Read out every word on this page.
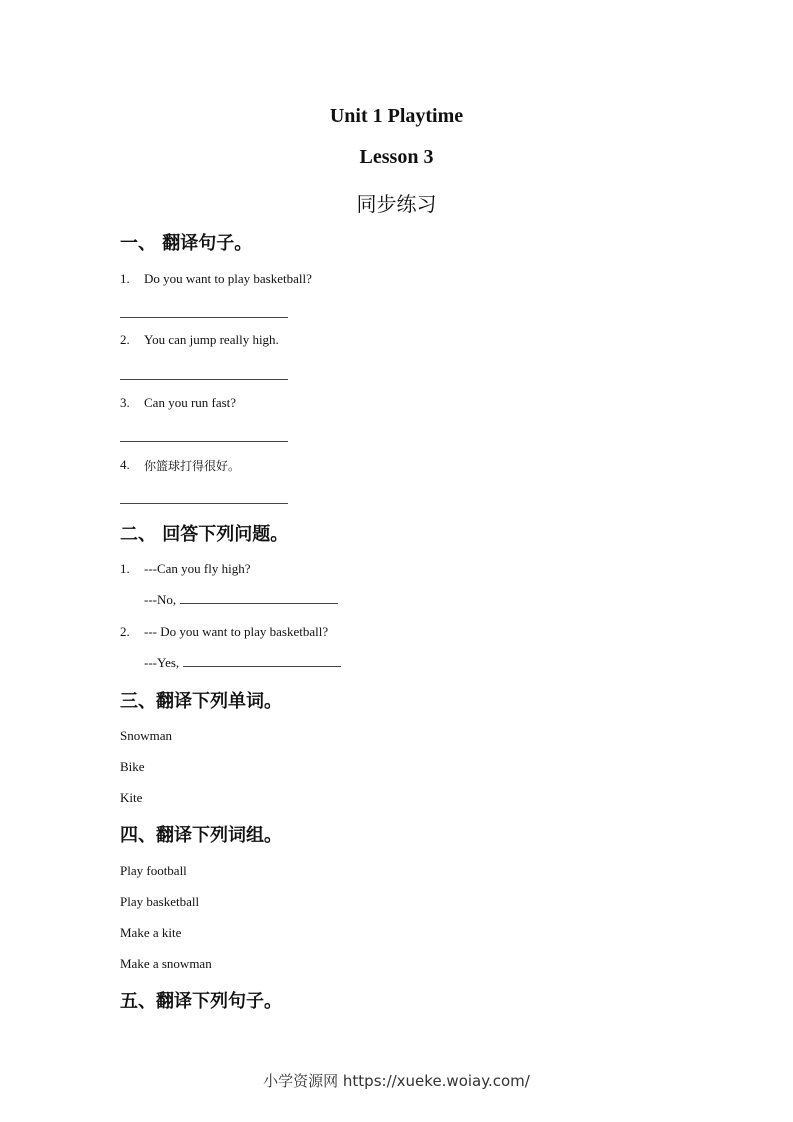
Unit 1 Playtime
Lesson 3
同步练习
一、 翻译句子。
1. Do you want to play basketball?
2. You can jump really high.
3. Can you run fast?
4. 你篮球打得很好。
二、 回答下列问题。
1. ---Can you fly high?
---No,
2. --- Do you want to play basketball?
---Yes,
三、翻译下列单词。
Snowman
Bike
Kite
四、翻译下列词组。
Play football
Play basketball
Make a kite
Make a snowman
五、翻译下列句子。
小学资源网 https://xueke.woiay.com/
